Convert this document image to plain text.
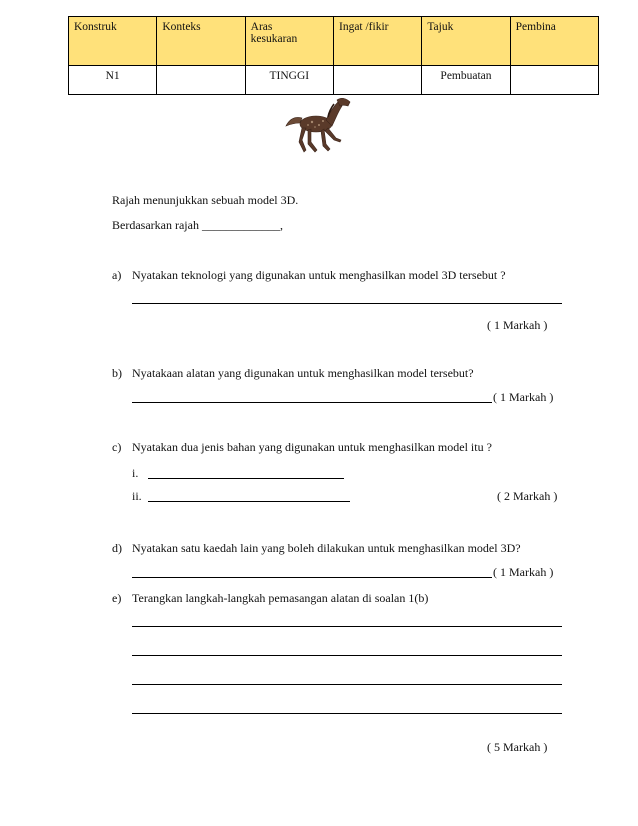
Konstruk	Konteks	Aras kesukaran	Ingat /fikir	Tajuk	Pembina
N1		TINGGI		Pembuatan	
Rajah menunjukkan sebuah model 3D.
Berdasarkan rajah _____________,
a) Nyatakan teknologi yang digunakan untuk menghasilkan model 3D tersebut ?
( 1 Markah )
b) Nyatakaan alatan yang digunakan untuk menghasilkan model tersebut?
( 1 Markah )
c) Nyatakan dua jenis bahan yang digunakan untuk menghasilkan model itu ?
i.
ii.	( 2 Markah )
d) Nyatakan satu kaedah lain yang boleh dilakukan untuk menghasilkan model 3D?
( 1 Markah )
e) Terangkan langkah-langkah pemasangan alatan di soalan 1(b)
( 5 Markah )
